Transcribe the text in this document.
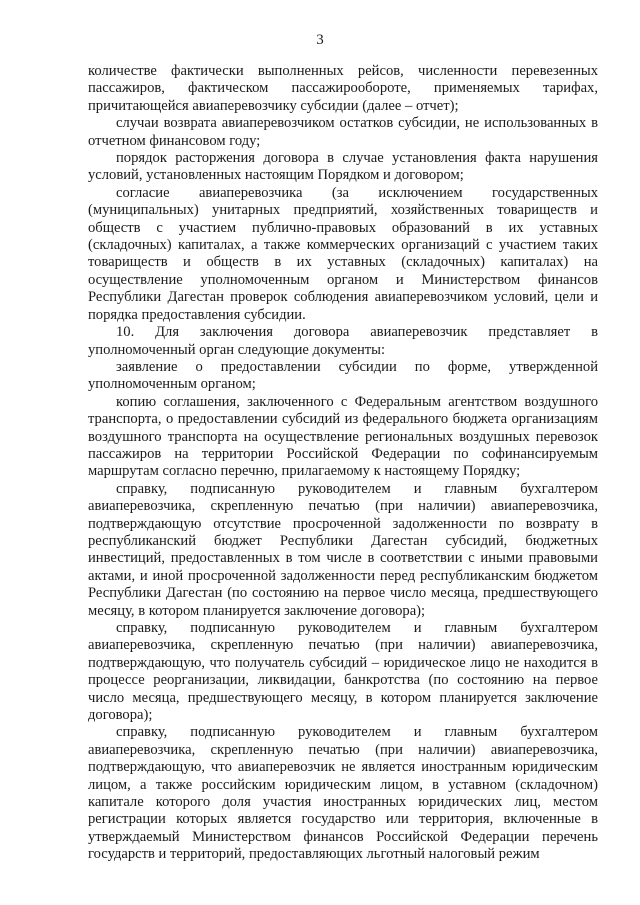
3

количестве фактически выполненных рейсов, численности перевезенных пассажиров, фактическом пассажирообороте, применяемых тарифах, причитающейся авиаперевозчику субсидии (далее – отчет);

случаи возврата авиаперевозчиком остатков субсидии, не использованных в отчетном финансовом году;

порядок расторжения договора в случае установления факта нарушения условий, установленных настоящим Порядком и договором;

согласие авиаперевозчика (за исключением государственных (муниципальных) унитарных предприятий, хозяйственных товариществ и обществ с участием публично-правовых образований в их уставных (складочных) капиталах, а также коммерческих организаций с участием таких товариществ и обществ в их уставных (складочных) капиталах) на осуществление уполномоченным органом и Министерством финансов Республики Дагестан проверок соблюдения авиаперевозчиком условий, цели и порядка предоставления субсидии.

10. Для заключения договора авиаперевозчик представляет в уполномоченный орган следующие документы:

заявление о предоставлении субсидии по форме, утвержденной уполномоченным органом;

копию соглашения, заключенного с Федеральным агентством воздушного транспорта, о предоставлении субсидий из федерального бюджета организациям воздушного транспорта на осуществление региональных воздушных перевозок пассажиров на территории Российской Федерации по софинансируемым маршрутам согласно перечню, прилагаемому к настоящему Порядку;

справку, подписанную руководителем и главным бухгалтером авиаперевозчика, скрепленную печатью (при наличии) авиаперевозчика, подтверждающую отсутствие просроченной задолженности по возврату в республиканский бюджет Республики Дагестан субсидий, бюджетных инвестиций, предоставленных в том числе в соответствии с иными правовыми актами, и иной просроченной задолженности перед республиканским бюджетом Республики Дагестан (по состоянию на первое число месяца, предшествующего месяцу, в котором планируется заключение договора);

справку, подписанную руководителем и главным бухгалтером авиаперевозчика, скрепленную печатью (при наличии) авиаперевозчика, подтверждающую, что получатель субсидий – юридическое лицо не находится в процессе реорганизации, ликвидации, банкротства (по состоянию на первое число месяца, предшествующего месяцу, в котором планируется заключение договора);

справку, подписанную руководителем и главным бухгалтером авиаперевозчика, скрепленную печатью (при наличии) авиаперевозчика, подтверждающую, что авиаперевозчик не является иностранным юридическим лицом, а также российским юридическим лицом, в уставном (складочном) капитале которого доля участия иностранных юридических лиц, местом регистрации которых является государство или территория, включенные в утверждаемый Министерством финансов Российской Федерации перечень государств и территорий, предоставляющих льготный налоговый режим
